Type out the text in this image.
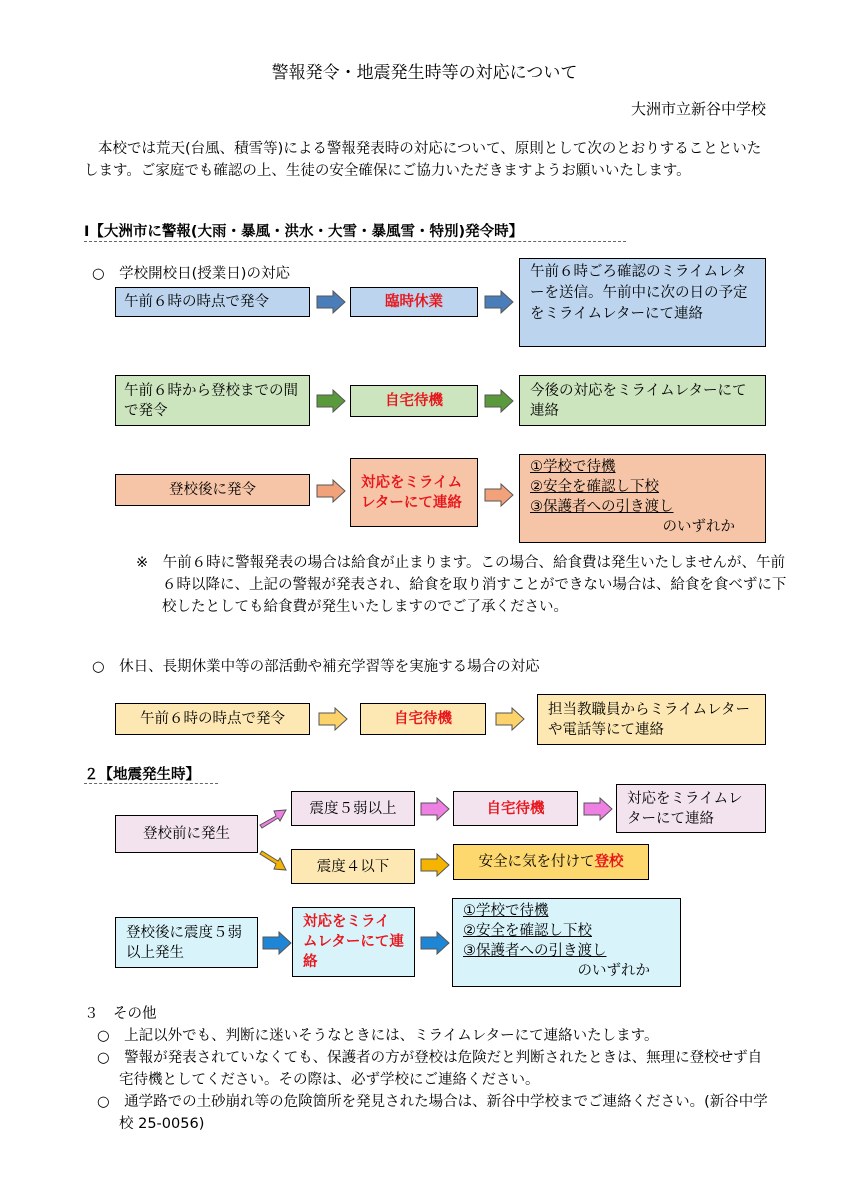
警報発令・地震発生時等の対応について
大洲市立新谷中学校
本校では荒天(台風、積雪等)による警報発表時の対応について、原則として次のとおりすることといたします。ご家庭でも確認の上、生徒の安全確保にご協力いただきますようお願いいたします。
Ⅰ【大洲市に警報(大雨・暴風・洪水・大雪・暴風雪・特別)発令時】
○　学校開校日(授業日)の対応
午前６時の時点で発令	臨時休業
午前６時ごろ確認のミライムレターを送信。午前中に次の日の予定をミライムレターにて連絡
午前６時から登校までの間で発令
自宅待機
今後の対応をミライムレターにて連絡
登校後に発令	対応をミライムレターにて連絡
①学校で待機
②安全を確認し下校
③保護者への引き渡し
のいずれか
※　 午前６時に警報発表の場合は給食が止まります。この場合、給食費は発生いたしませんが、午前６時以降に、上記の警報が発表され、給食を取り消すことができない場合は、給食を食べずに下校したとしても給食費が発生いたしますのでご了承ください。
○　休日、長期休業中等の部活動や補充学習等を実施する場合の対応
午前６時の時点で発令	自宅待機
担当教職員からミライムレターや電話等にて連絡
２【地震発生時】
登校前に発生
震度５弱以上	自宅待機
対応をミライムレターにて連絡
震度４以下	安全に気を付けて 登校
登校後に震度５弱以上発生
対応をミライムレターにて連絡
①学校で待機
②安全を確認し下校
③保護者への引き渡し
のいずれか
３　その他
○　上記以外でも、判断に迷いそうなときには、ミライムレターにて連絡いたします。
○　警報が発表されていなくても、保護者の方が登校は危険だと判断されたときは、無理に登校せず自宅待機としてください。その際は、必ず学校にご連絡ください。
○　通学路での土砂崩れ等の危険箇所を発見された場合は、新谷中学校までご連絡ください。(新谷中学校 25-0056)
